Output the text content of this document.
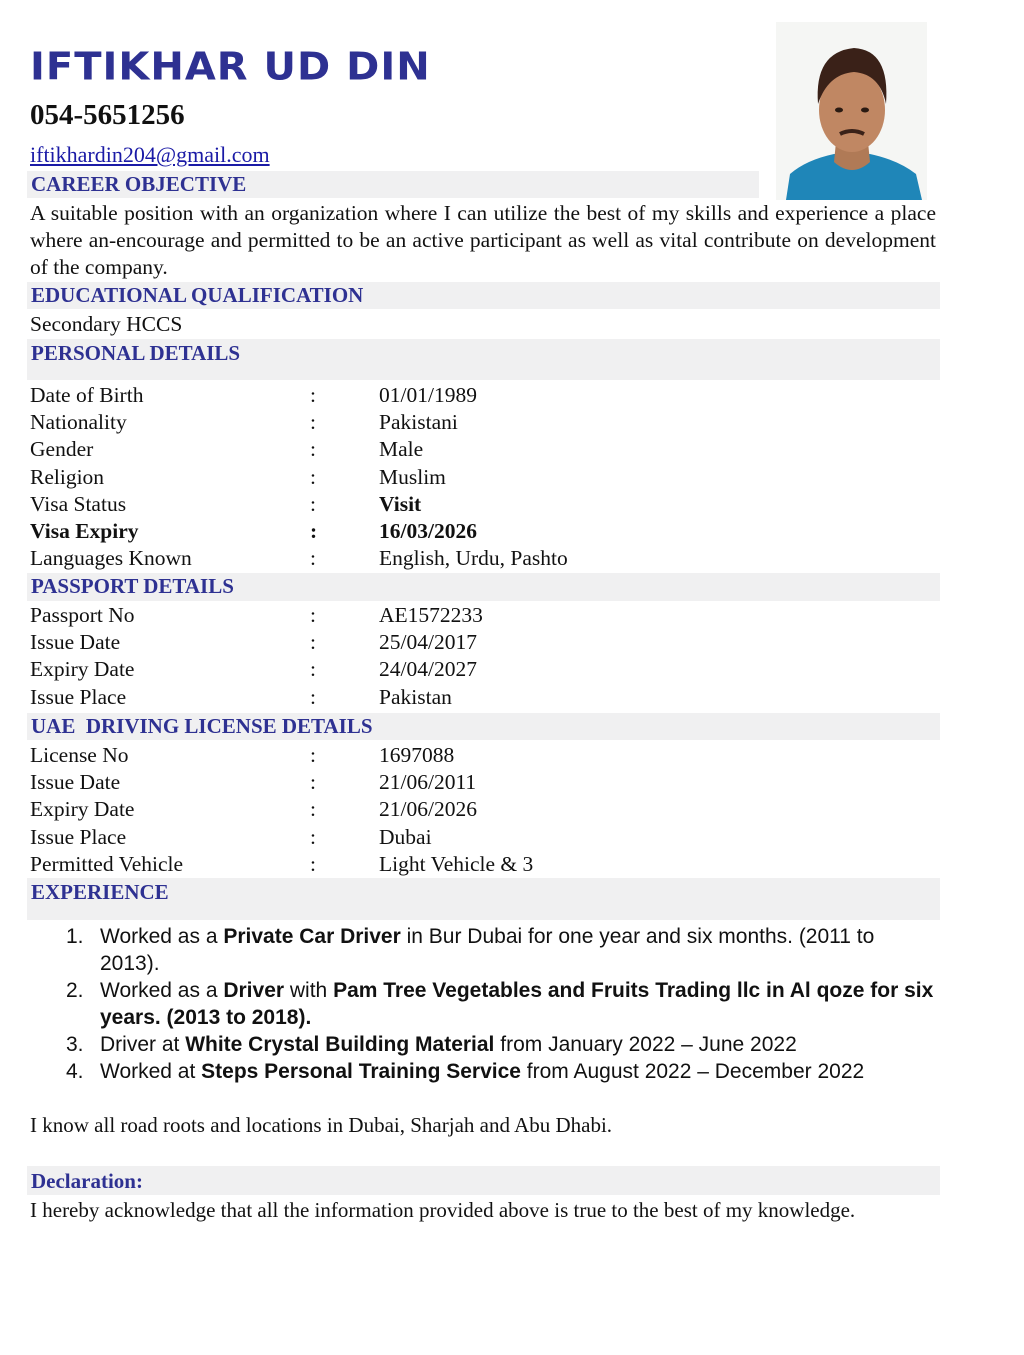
IFTIKHAR UD DIN
054-5651256
iftikhardin204@gmail.com
CAREER OBJECTIVE
A suitable position with an organization where I can utilize the best of my skills and experience a place where an-encourage and permitted to be an active participant as well as vital contribute on development of the company.
EDUCATIONAL QUALIFICATION
Secondary HCCS
PERSONAL DETAILS
Date of Birth	:	01/01/1989
Nationality	:	Pakistani
Gender	:	Male
Religion	:	Muslim
Visa Status	:	Visit
Visa Expiry	:	16/03/2026
Languages Known	:	English, Urdu, Pashto
PASSPORT DETAILS
Passport No	:	AE1572233
Issue Date	:	25/04/2017
Expiry Date	:	24/04/2027
Issue Place	:	Pakistan
UAE  DRIVING LICENSE DETAILS
License No	:	1697088
Issue Date	:	21/06/2011
Expiry Date	:	21/06/2026
Issue Place	:	Dubai
Permitted Vehicle	:	Light Vehicle & 3
EXPERIENCE
1. Worked as a Private Car Driver in Bur Dubai for one year and six months. (2011 to 2013).
2. Worked as a Driver with Pam Tree Vegetables and Fruits Trading llc in Al qoze for six years. (2013 to 2018).
3. Driver at White Crystal Building Material from January 2022 – June 2022
4. Worked at Steps Personal Training Service from August 2022 – December 2022
I know all road roots and locations in Dubai, Sharjah and Abu Dhabi.
Declaration:
I hereby acknowledge that all the information provided above is true to the best of my knowledge.
